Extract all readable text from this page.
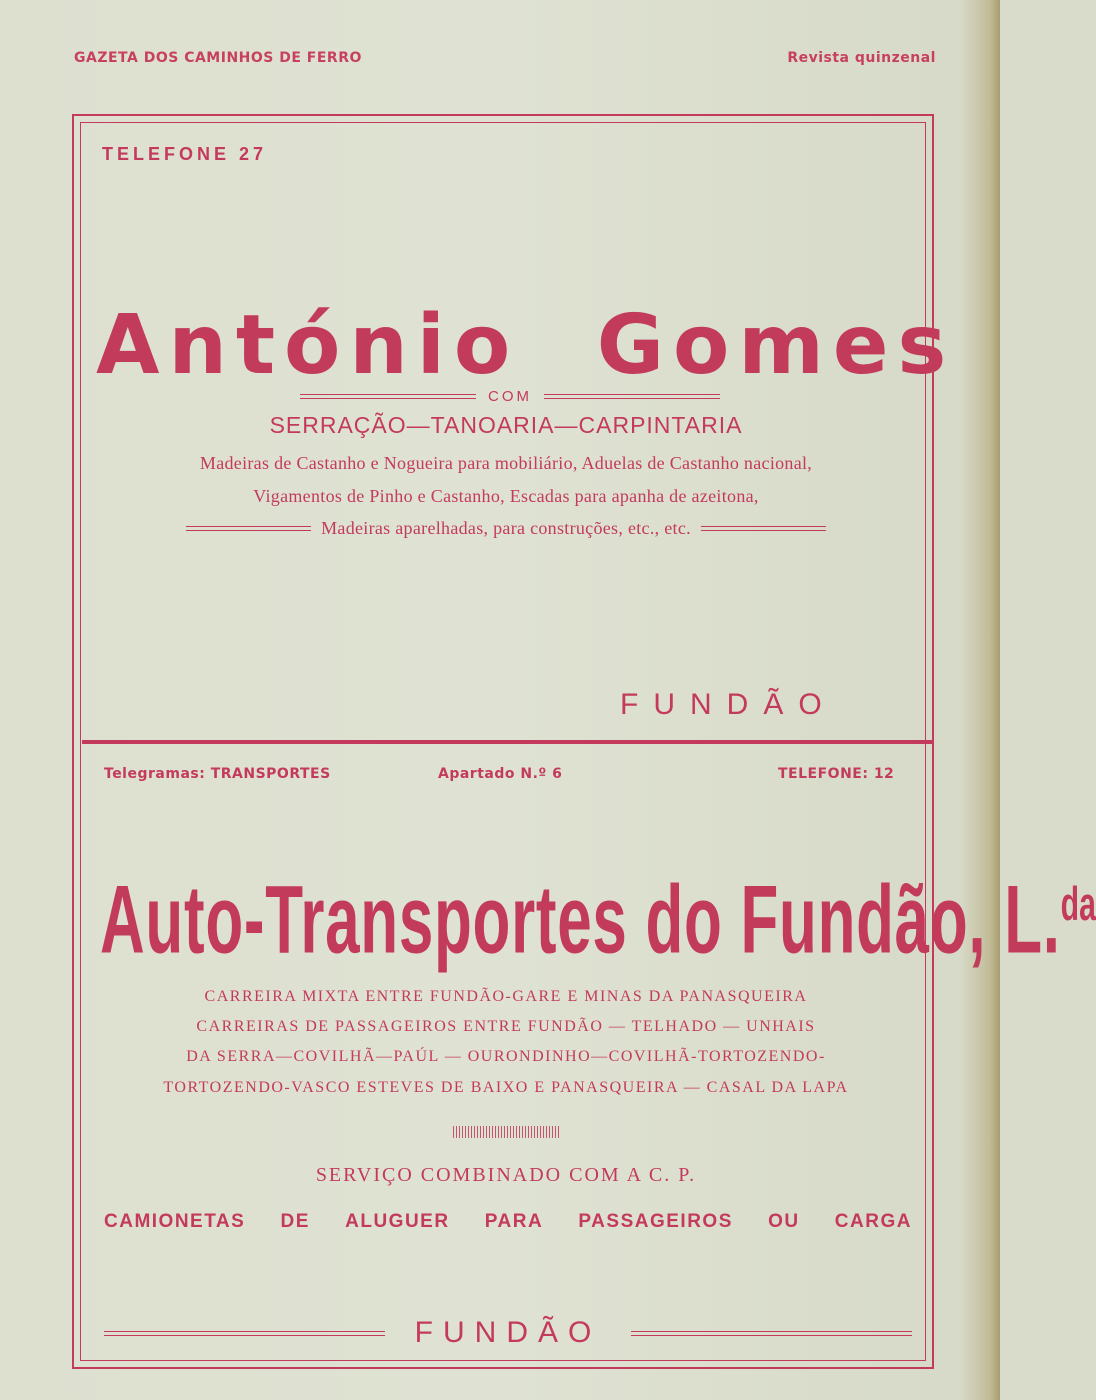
GAZETA DOS CAMINHOS DE FERRO	Revista quinzenal
TELEFONE 27
António Gomes
COM
SERRAÇÃO—TANOARIA—CARPINTARIA
Madeiras de Castanho e Nogueira para mobiliário, Aduelas de Castanho nacional,
Vigamentos de Pinho e Castanho, Escadas para apanha de azeitona,
Madeiras aparelhadas, para construções, etc., etc.
FUNDÃO
Telegramas: TRANSPORTES	Apartado N.º 6	TELEFONE: 12
Auto-Transportes do Fundão, L.$^{da}$
CARREIRA MIXTA ENTRE FUNDÃO-GARE E MINAS DA PANASQUEIRA
CARREIRAS DE PASSAGEIROS ENTRE FUNDÃO — TELHADO — UNHAIS
DA SERRA—COVILHÃ—PAÚL — OURONDINHO—COVILHÃ-TORTOZENDO-
TORTOZENDO-VASCO ESTEVES DE BAIXO E PANASQUEIRA — CASAL DA LAPA
SERVIÇO COMBINADO COM A C. P.
CAMIONETAS DE ALUGUER PARA PASSAGEIROS OU CARGA
FUNDÃO
